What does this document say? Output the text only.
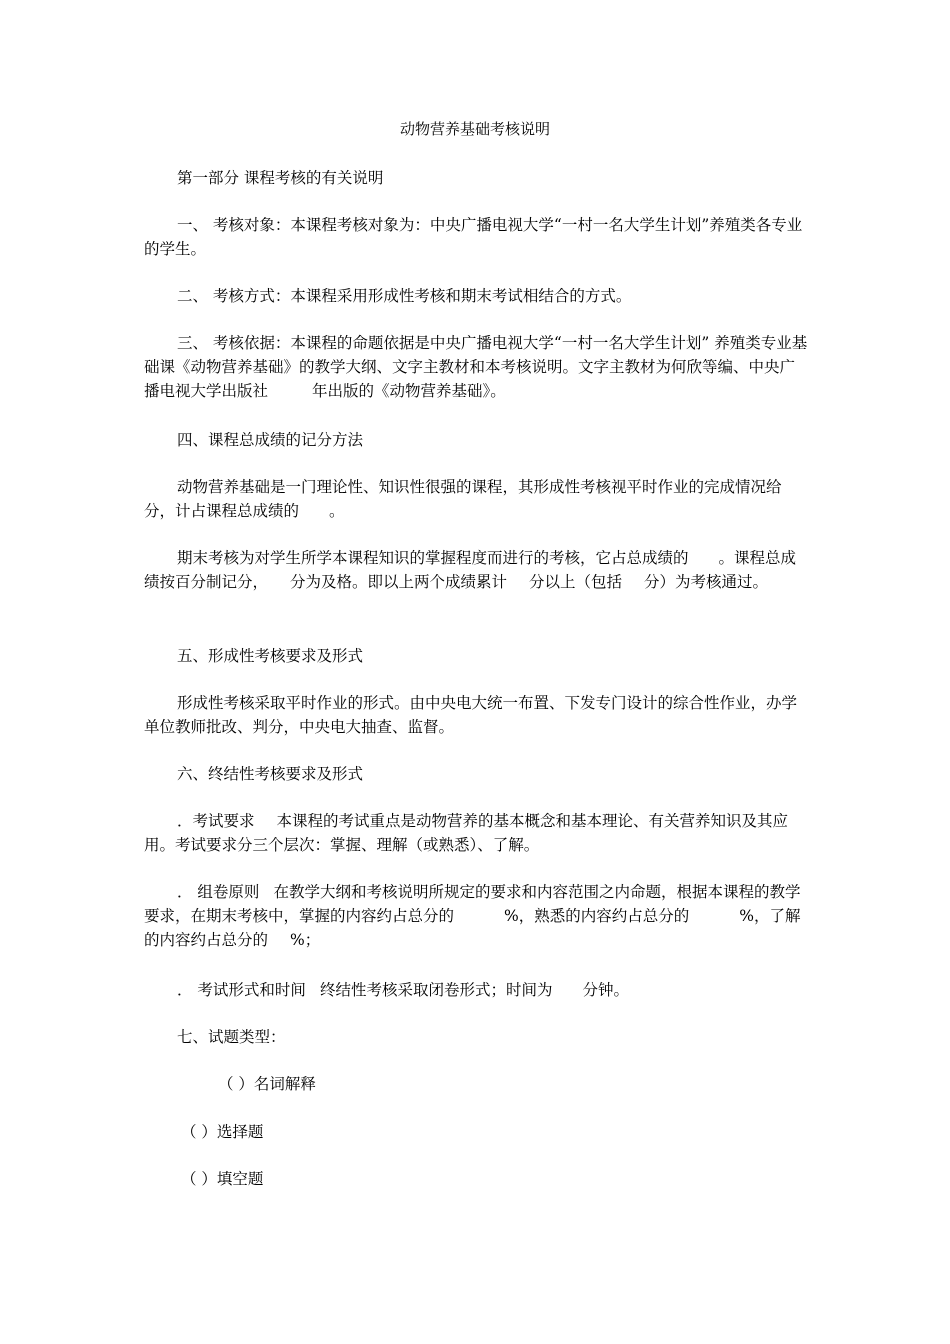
动物营养基础考核说明

第一部分 课程考核的有关说明

一、 考核对象：本课程考核对象为：中央广播电视大学“一村一名大学生计划”养殖类各专业的学生。

二、 考核方式：本课程采用形成性考核和期末考试相结合的方式。

三、 考核依据：本课程的命题依据是中央广播电视大学“一村一名大学生计划” 养殖类专业基础课《动物营养基础》的教学大纲、文字主教材和本考核说明。文字主教材为何欣等编、中央广播电视大学出版社	年出版的《动物营养基础》。

四、课程总成绩的记分方法

动物营养基础是一门理论性、知识性很强的课程，其形成性考核视平时作业的完成情况给分，计占课程总成绩的 。

期末考核为对学生所学本课程知识的掌握程度而进行的考核，它占总成绩的 。课程总成绩按百分制记分， 分为及格。即以上两个成绩累计 分以上（包括 分）为考核通过。

五、形成性考核要求及形式

形成性考核采取平时作业的形式。由中央电大统一布置、下发专门设计的综合性作业，办学单位教师批改、判分，中央电大抽查、监督。

六、终结性考核要求及形式

．考试要求 本课程的考试重点是动物营养的基本概念和基本理论、有关营养知识及其应用。考试要求分三个层次：掌握、理解（或熟悉）、了解。

． 组卷原则 在教学大纲和考核说明所规定的要求和内容范围之内命题，根据本课程的教学要求，在期末考核中，掌握的内容约占总分的	%，熟悉的内容约占总分的	%，了解的内容约占总分的 %；

． 考试形式和时间 终结性考核采取闭卷形式；时间为 分钟。

七、试题类型：

（ ）名词解释

（ ）选择题

（ ）填空题
